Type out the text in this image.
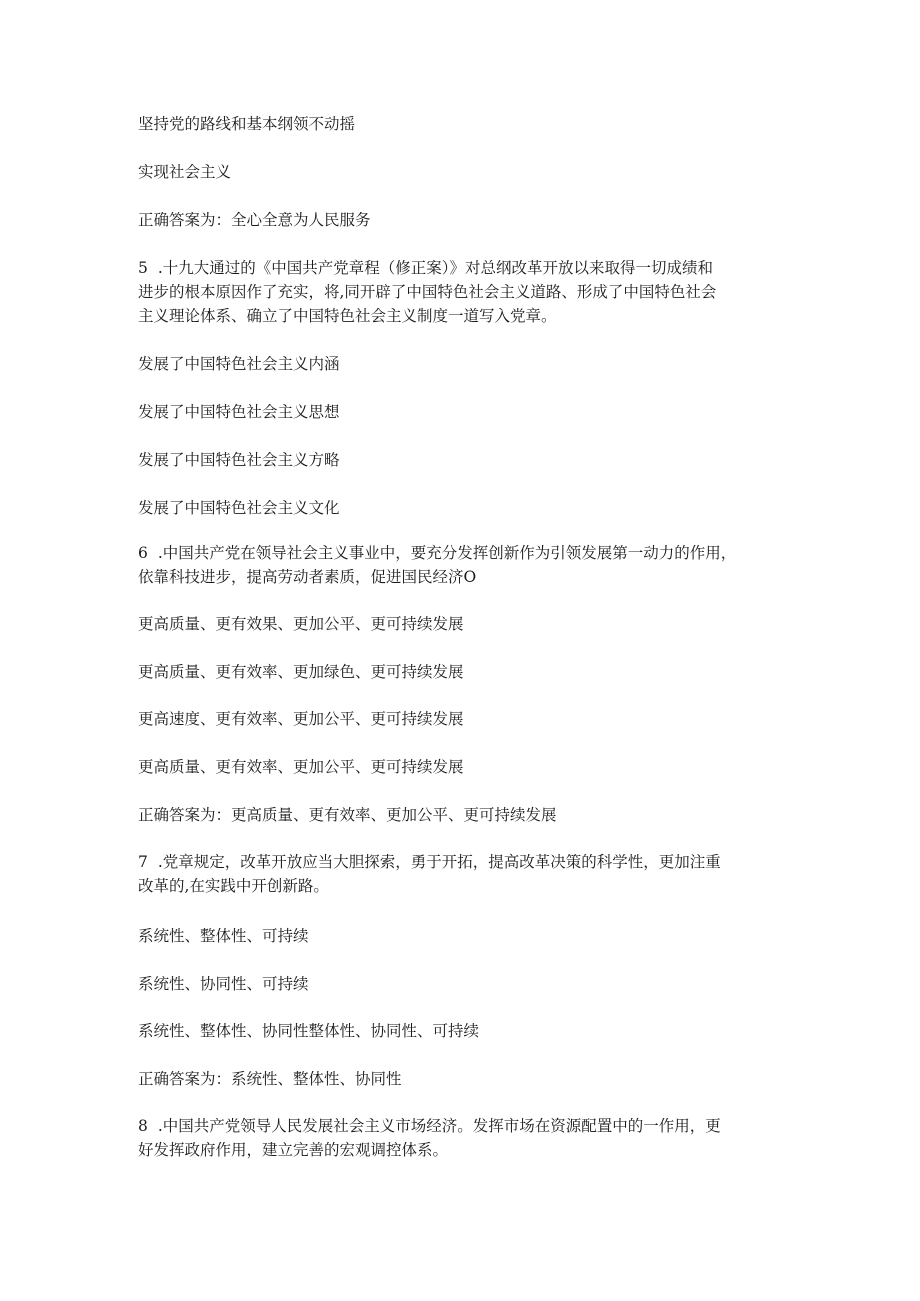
坚持党的路线和基本纲领不动摇
实现社会主义
正确答案为：全心全意为人民服务
5 .十九大通过的《中国共产党章程（修正案）》对总纲改革开放以来取得一切成绩和
进步的根本原因作了充实，将,同开辟了中国特色社会主义道路、形成了中国特色社会
主义理论体系、确立了中国特色社会主义制度一道写入党章。
发展了中国特色社会主义内涵
发展了中国特色社会主义思想
发展了中国特色社会主义方略
发展了中国特色社会主义文化
6 .中国共产党在领导社会主义事业中，要充分发挥创新作为引领发展第一动力的作用，
依靠科技进步，提高劳动者素质，促进国民经济O
更高质量、更有效果、更加公平、更可持续发展
更高质量、更有效率、更加绿色、更可持续发展
更高速度、更有效率、更加公平、更可持续发展
更高质量、更有效率、更加公平、更可持续发展
正确答案为：更高质量、更有效率、更加公平、更可持续发展
7 .党章规定，改革开放应当大胆探索，勇于开拓，提高改革决策的科学性，更加注重
改革的,在实践中开创新路。
系统性、整体性、可持续
系统性、协同性、可持续
系统性、整体性、协同性整体性、协同性、可持续
正确答案为：系统性、整体性、协同性
8 .中国共产党领导人民发展社会主义市场经济。发挥市场在资源配置中的一作用，更
好发挥政府作用，建立完善的宏观调控体系。
